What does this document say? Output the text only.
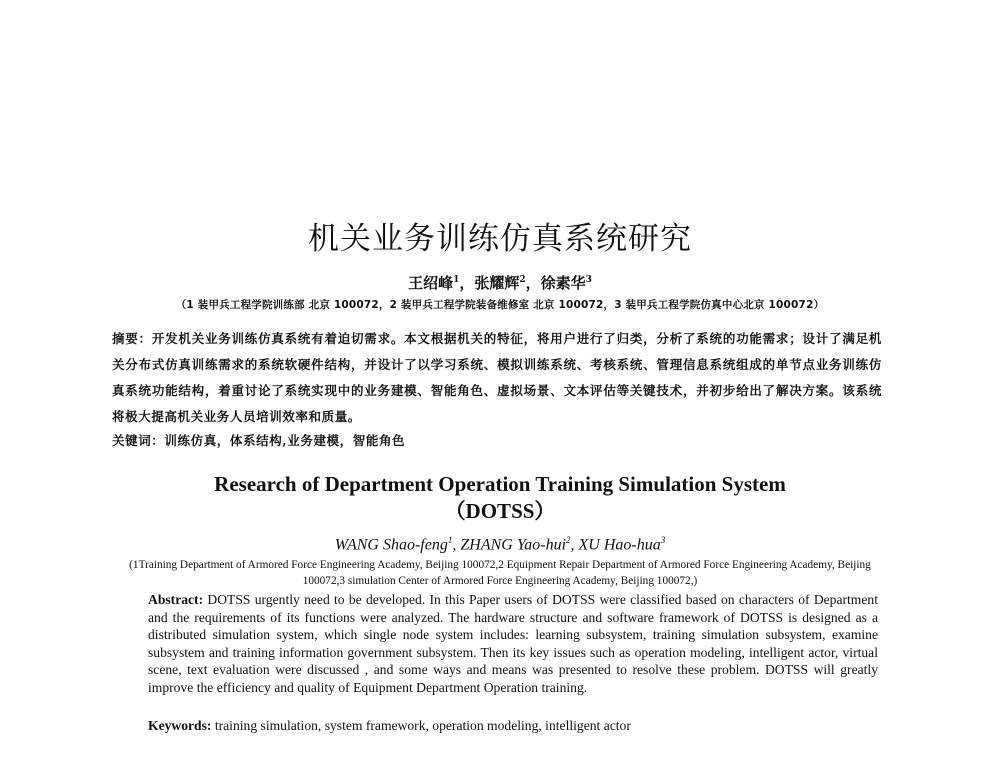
机关业务训练仿真系统研究
王绍峰$^1$，张耀辉$^2$，徐素华$^3$
（1 装甲兵工程学院训练部 北京 100072，2 装甲兵工程学院装备维修室 北京 100072，3 装甲兵工程学院仿真中心北京 100072）
摘要：开发机关业务训练仿真系统有着迫切需求。本文根据机关的特征，将用户进行了归类，分析了系统的功能需求；设计了满足机关分布式仿真训练需求的系统软硬件结构，并设计了以学习系统、模拟训练系统、考核系统、管理信息系统组成的单节点业务训练仿真系统功能结构，着重讨论了系统实现中的业务建模、智能角色、虚拟场景、文本评估等关键技术，并初步给出了解决方案。该系统将极大提高机关业务人员培训效率和质量。
关键词：训练仿真，体系结构,业务建模，智能角色
Research of Department Operation Training Simulation System
（DOTSS）
WANG Shao-feng$^1$, ZHANG Yao-hui$^2$, XU Hao-hua$^3$
(1Training Department of Armored Force Engineering Academy, Beijing 100072,2 Equipment Repair Department of Armored Force Engineering Academy, Beijing 100072,3 simulation Center of Armored Force Engineering Academy, Beijing 100072,)
Abstract: DOTSS urgently need to be developed. In this Paper users of DOTSS were classified based on characters of Department and the requirements of its functions were analyzed. The hardware structure and software framework of DOTSS is designed as a distributed simulation system, which single node system includes: learning subsystem, training simulation subsystem, examine subsystem and training information government subsystem. Then its key issues such as operation modeling, intelligent actor, virtual scene, text evaluation were discussed , and some ways and means was presented to resolve these problem. DOTSS will greatly improve the efficiency and quality of Equipment Department Operation training.
Keywords: training simulation, system framework, operation modeling, intelligent actor
